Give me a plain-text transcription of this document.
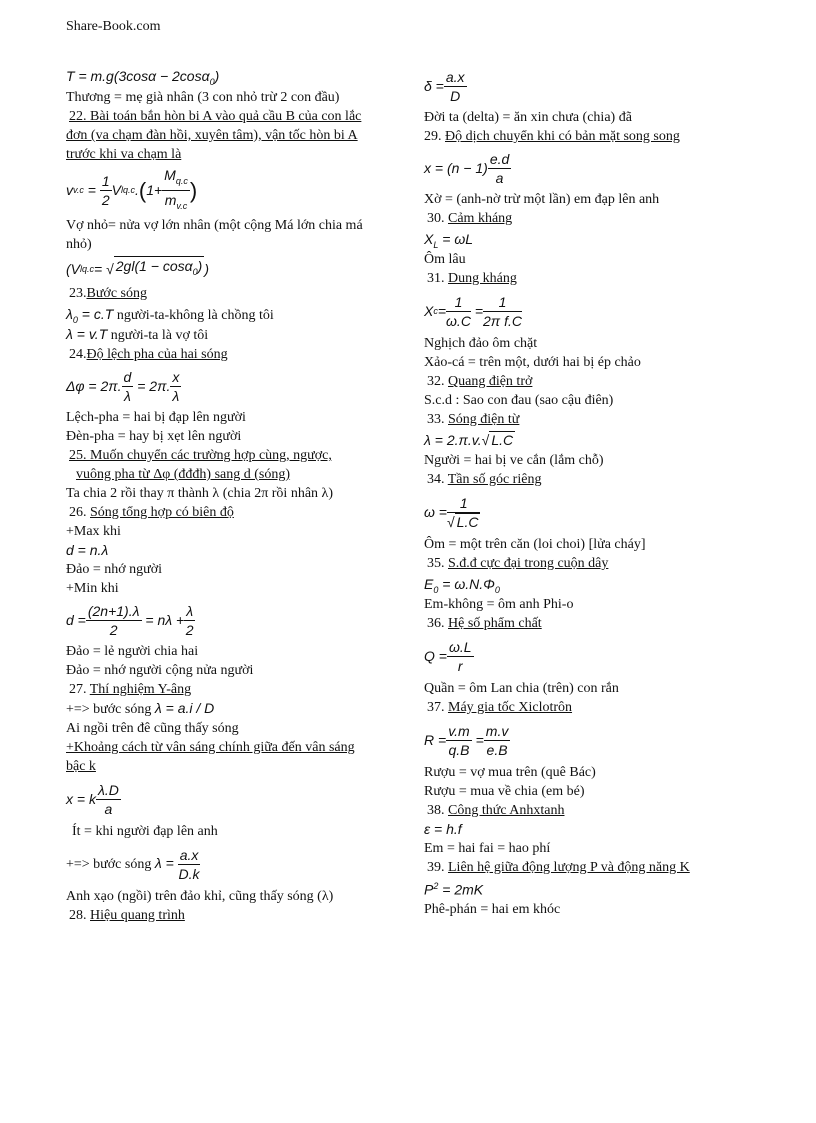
Share-Book.com
T = m.g(3cosα − 2cosα$_0$)
Thương = mẹ già nhân (3 con nhỏ trừ 2 con đầu)
22. Bài toán bắn hòn bi A vào quả cầu B của con lắc
đơn (va chạm đàn hồi, xuyên tâm), vận tốc hòn bi A
trước khi va chạm là
v v.c =
1
2
V l q.c . ( 1+
$M_{q.c}$
$m_{v.c}$
)
Vợ nhỏ= nửa vợ lớn nhân (một cộng Má lớn chia má
nhỏ)
(V l q.c = √ 2gl(1 − cosα$_0$) )
23.Bước sóng
$\lambda_0 = c.T$ người-ta-không là chồng tôi
λ = v.T người-ta là vợ tôi
24.Độ lệch pha của hai sóng
Δφ = 2π.
d
λ
= 2π.
x
λ
Lệch-pha = hai bị đạp lên người
Đèn-pha = hay bị xẹt lên người
25. Muốn chuyển các trường hợp cùng, ngược,
vuông pha từ Δφ (đđđh) sang d (sóng)
Ta chia 2 rồi thay π thành λ (chia 2π rồi nhân λ)
26. Sóng tổng hợp có biên độ
+Max khi
d = n.λ
Đảo = nhớ người
+Min khi
d =
(2n+1).λ
2
= nλ +
λ
2
Đảo = lẻ người chia hai
Đảo = nhớ người cộng nửa người
27. Thí nghiệm Y-âng
+=> bước sóng λ = a.i / D
Ai ngồi trên đê cũng thấy sóng
+Khoảng cách từ vân sáng chính giữa đến vân sáng
bậc k
x = k
λ.D
a
Ít = khi người đạp lên anh
+=> bước sóng
$\lambda = \frac{a.x}{D.k}$
Anh xạo (ngồi) trên đảo khỉ, cũng thấy sóng (λ)
28. Hiệu quang trình
δ =
a.x
D
Đời ta (delta) = ăn xin chưa (chia) đã
29. Độ dịch chuyển khi có bản mặt song song
x = (n − 1)
e.d
a
Xờ = (anh-nờ trừ một lần) em đạp lên anh
30. Cảm kháng
$X_L = \omega L$
Ôm lâu
31. Dung kháng
X c =
1
ω.C
=
1
2π f.C
Nghịch đảo ôm chặt
Xảo-cá = trên một, dưới hai bị ép chảo
32. Quang điện trở
S.c.d : Sao con đau (sao cậu điên)
33. Sóng điện từ
λ = 2.π.v.√ L.C
Người = hai bị ve cắn (lắm chỗ)
34. Tần số góc riêng
ω =
1
√ L.C
Ôm = một trên căn (loi choi) [lửa cháy]
35. S.đ.đ cực đại trong cuộn dây
$E_0 = \omega.N.\Phi_0$
Em-không = ôm anh Phi-o
36. Hệ số phẩm chất
Q =
ω.L
r
Quần = ôm Lan chia (trên) con rắn
37. Máy gia tốc Xiclotrôn
R =
v.m
q.B
=
m.v
e.B
Rượu = vợ mua trên (quê Bác)
Rượu = mua về chia (em bé)
38. Công thức Anhxtanh
ε = h.f
Em = hai fai = hao phí
39. Liên hệ giữa động lượng P và động năng K
$P^2 = 2mK$
Phê-phán = hai em khóc
